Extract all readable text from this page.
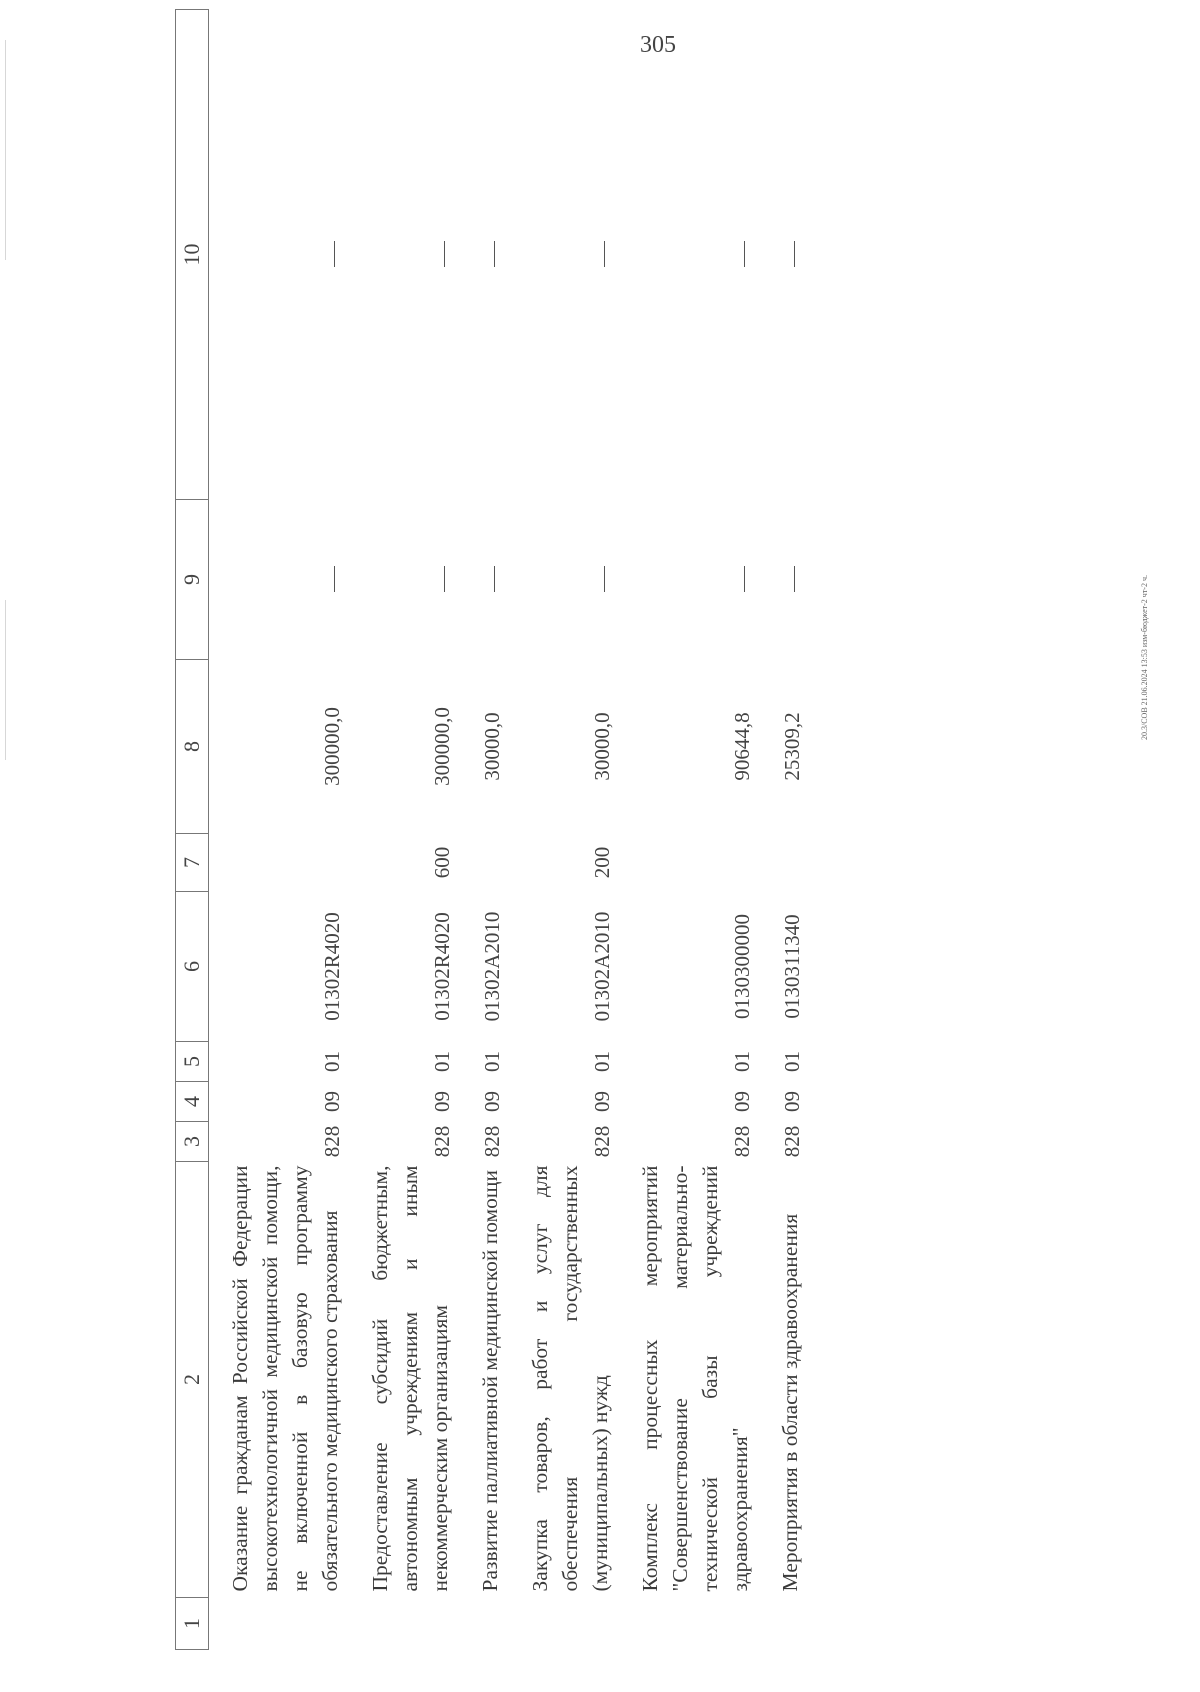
305
20.3/СОВ 21.06.2024 13:53 изм-бюджет-2 чт-2 ч.
1	2	3	4	5	6	7	8	9	10
	Оказание гражданам Российской Федерации высокотехнологичной медицинской помощи, не включенной в базовую программу обязательного медицинского страхования	828	09	01	01302R4020		300000,0		
	Предоставление субсидий бюджетным, автономным учреждениям и иным некоммерческим организациям	828	09	01	01302R4020	600	300000,0		
	Развитие паллиативной медицинской помощи	828	09	01	01302A2010		30000,0		
	Закупка товаров, работ и услуг для обеспечения государственных (муниципальных) нужд	828	09	01	01302A2010	200	30000,0		
	Комплекс процессных мероприятий "Совершенствование материально-технической базы учреждений здравоохранения"	828	09	01	0130300000		90644,8		
	Мероприятия в области здравоохранения	828	09	01	0130311340		25309,2		
